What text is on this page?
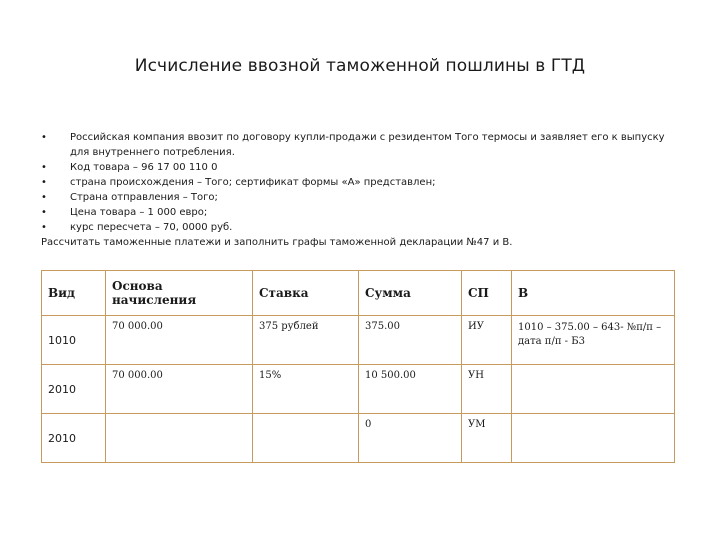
Исчисление ввозной таможенной пошлины в ГТД
• Российская компания ввозит по договору купли-продажи с резидентом Того термосы и заявляет его к выпуску для внутреннего потребления.
• Код товара – 96 17 00 110 0
• страна происхождения – Того; сертификат формы «А» представлен;
• Страна отправления – Того;
• Цена товара – 1 000 евро;
• курс пересчета – 70, 0000 руб.
Рассчитать таможенные платежи и заполнить графы таможенной декларации №47 и В.
Вид	Основа начисления	Ставка	Сумма	СП	В
1010	70 000.00	375 рублей	375.00	ИУ	1010 – 375.00 – 643- №п/п – дата п/п - Б3
2010	70 000.00	15%	10 500.00	УН	
2010			0	УМ	
